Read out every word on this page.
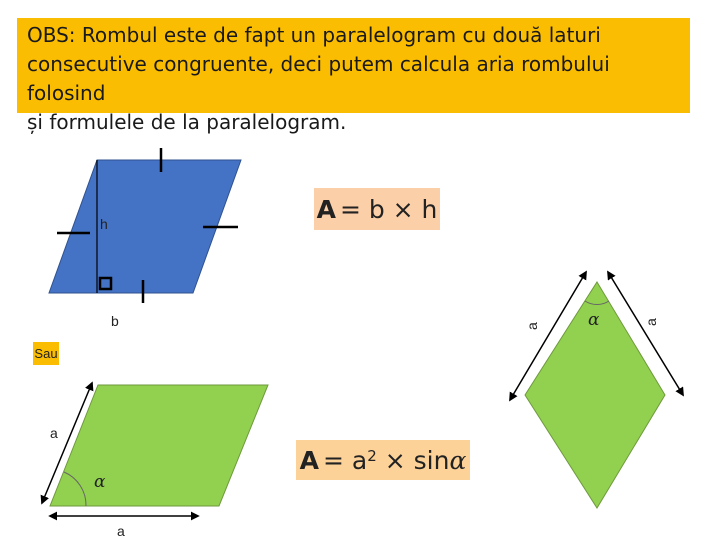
OBS: Rombul este de fapt un paralelogram cu două laturi
consecutive congruente, deci putem calcula aria rombului folosind
și formulele de la paralelogram.
a
a
A = b × h
$A = a^2 \times \sin \alpha$
h
b
Sau
a
a
α
α
